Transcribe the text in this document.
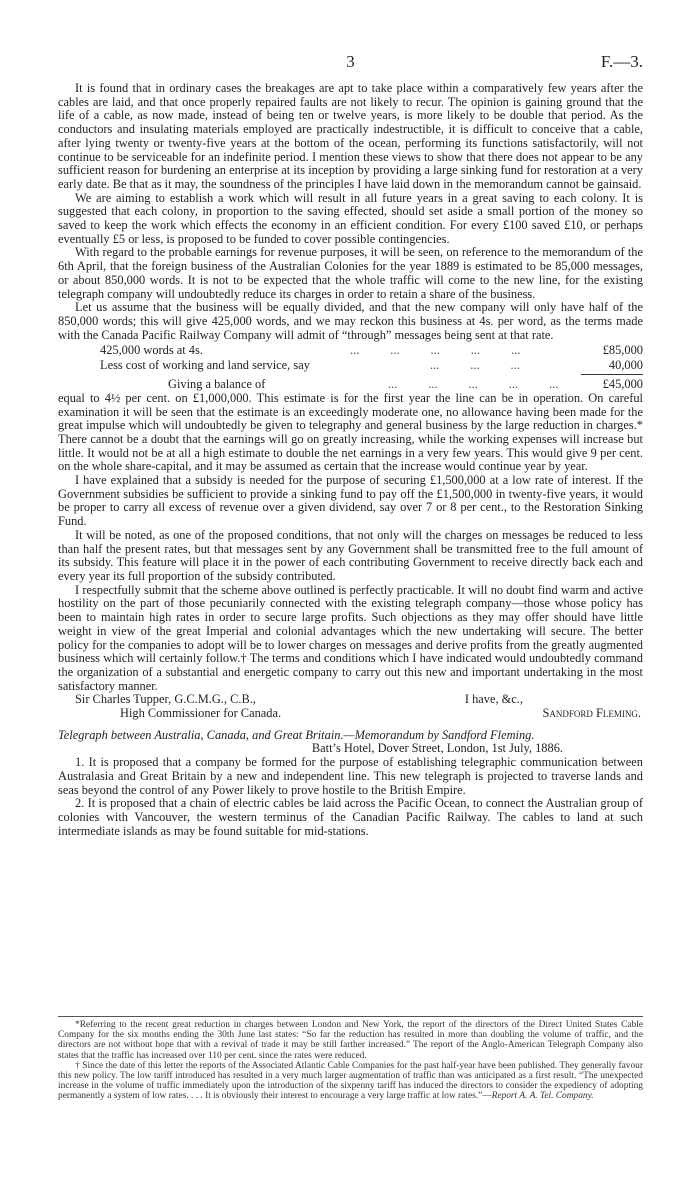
3	F.—3.

It is found that in ordinary cases the breakages are apt to take place within a comparatively few years after the cables are laid, and that once properly repaired faults are not likely to recur. The opinion is gaining ground that the life of a cable, as now made, instead of being ten or twelve years, is more likely to be double that period. As the conductors and insulating materials employed are practically indestructible, it is difficult to conceive that a cable, after lying twenty or twenty-five years at the bottom of the ocean, performing its functions satisfactorily, will not continue to be serviceable for an indefinite period. I mention these views to show that there does not appear to be any sufficient reason for burdening an enterprise at its inception by providing a large sinking fund for restoration at a very early date. Be that as it may, the soundness of the principles I have laid down in the memorandum cannot be gainsaid.

We are aiming to establish a work which will result in all future years in a great saving to each colony. It is suggested that each colony, in proportion to the saving effected, should set aside a small portion of the money so saved to keep the work which effects the economy in an efficient condition. For every £100 saved £10, or perhaps eventually £5 or less, is proposed to be funded to cover possible contingencies.

With regard to the probable earnings for revenue purposes, it will be seen, on reference to the memorandum of the 6th April, that the foreign business of the Australian Colonies for the year 1889 is estimated to be 85,000 messages, or about 850,000 words. It is not to be expected that the whole traffic will come to the new line, for the existing telegraph company will undoubtedly reduce its charges in order to retain a share of the business.

Let us assume that the business will be equally divided, and that the new company will only have half of the 850,000 words; this will give 425,000 words, and we may reckon this business at 4s. per word, as the terms made with the Canada Pacific Railway Company will admit of “through” messages being sent at that rate.

425,000 words at 4s.	...          ...          ...          ...          ...	£85,000
Less cost of working and land service, say	...          ...          ...	40,000
Giving a balance of	...          ...          ...          ...          ...	£45,000

equal to 4½ per cent. on £1,000,000. This estimate is for the first year the line can be in operation. On careful examination it will be seen that the estimate is an exceedingly moderate one, no allowance having been made for the great impulse which will undoubtedly be given to telegraphy and general business by the large reduction in charges.* There cannot be a doubt that the earnings will go on greatly increasing, while the working expenses will increase but little. It would not be at all a high estimate to double the net earnings in a very few years. This would give 9 per cent. on the whole share-capital, and it may be assumed as certain that the increase would continue year by year.

I have explained that a subsidy is needed for the purpose of securing £1,500,000 at a low rate of interest. If the Government subsidies be sufficient to provide a sinking fund to pay off the £1,500,000 in twenty-five years, it would be proper to carry all excess of revenue over a given dividend, say over 7 or 8 per cent., to the Restoration Sinking Fund.

It will be noted, as one of the proposed conditions, that not only will the charges on messages be reduced to less than half the present rates, but that messages sent by any Government shall be transmitted free to the full amount of its subsidy. This feature will place it in the power of each contributing Government to receive directly back each and every year its full proportion of the subsidy contributed.

I respectfully submit that the scheme above outlined is perfectly practicable. It will no doubt find warm and active hostility on the part of those pecuniarily connected with the existing telegraph company—those whose policy has been to maintain high rates in order to secure large profits. Such objections as they may offer should have little weight in view of the great Imperial and colonial advantages which the new undertaking will secure. The better policy for the companies to adopt will be to lower charges on messages and derive profits from the greatly augmented business which will certainly follow.† The terms and conditions which I have indicated would undoubtedly command the organization of a substantial and energetic company to carry out this new and important undertaking in the most satisfactory manner.

Sir Charles Tupper, G.C.M.G., C.B.,	I have, &c.,
High Commissioner for Canada.	Sandford Fleming.

Telegraph between Australia, Canada, and Great Britain.—Memorandum by Sandford Fleming.

Batt’s Hotel, Dover Street, London, 1st July, 1886.

1. It is proposed that a company be formed for the purpose of establishing telegraphic communication between Australasia and Great Britain by a new and independent line. This new telegraph is projected to traverse lands and seas beyond the control of any Power likely to prove hostile to the British Empire.

2. It is proposed that a chain of electric cables be laid across the Pacific Ocean, to connect the Australian group of colonies with Vancouver, the western terminus of the Canadian Pacific Railway. The cables to land at such intermediate islands as may be found suitable for mid-stations.

*Referring to the recent great reduction in charges between London and New York, the report of the directors of the Direct United States Cable Company for the six months ending the 30th June last states: “So far the reduction has resulted in more than doubling the volume of traffic, and the directors are not without hope that with a revival of trade it may be still farther increased.” The report of the Anglo-American Telegraph Company also states that the traffic has increased over 110 per cent. since the rates were reduced.

† Since the date of this letter the reports of the Associated Atlantic Cable Companies for the past half-year have been published. They generally favour this new policy. The low tariff introduced has resulted in a very much larger augmentation of traffic than was anticipated as a first result. “The unexpected increase in the volume of traffic immediately upon the introduction of the sixpenny tariff has induced the directors to consider the expediency of adopting permanently a system of low rates. . . . It is obviously their interest to encourage a very large traffic at low rates.”—Report A. A. Tel. Company.
